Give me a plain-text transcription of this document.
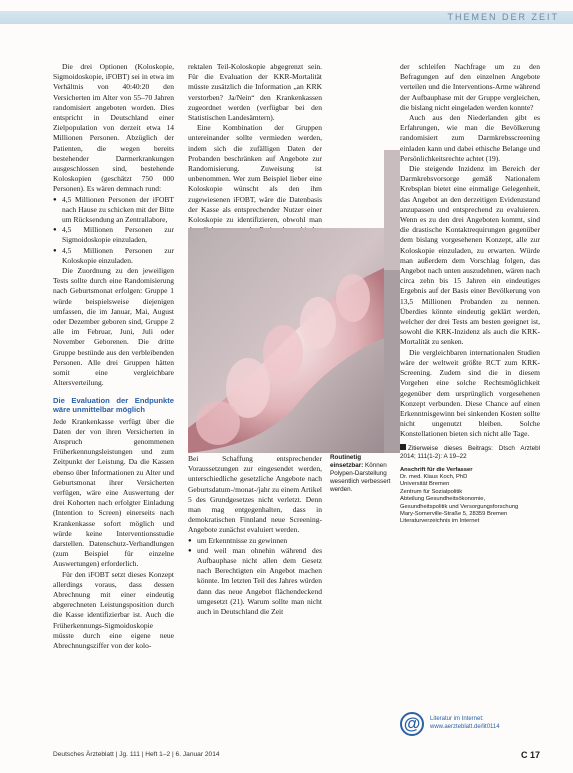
THEMEN DER ZEIT

Die drei Optionen (Koloskopie, Sigmoidoskopie, iFOBT) sei in etwa im Verhältnis von 40:40:20 den Versicherten im Alter von 55–70 Jahren randomisiert angeboten worden. Dies entspricht in Deutschland einer Zielpopulation von derzeit etwa 14 Millionen Personen. Abzüglich der Patienten, die wegen bereits bestehender Darmerkrankungen ausgeschlossen sind, bestehende Koloskopien (geschätzt 750 000 Personen). Es wären demnach rund:

● 4,5 Millionen Personen der iFOBT nach Hause zu schicken mit der Bitte um Rücksendung an Zentrallabore,
● 4,5 Millionen Personen zur Sigmoidoskopie einzuladen,
● 4,5 Millionen Personen zur Koloskopie einzuladen.

Die Zuordnung zu den jeweiligen Tests sollte durch eine Randomisierung nach Geburtsmonat erfolgen: Gruppe 1 würde beispielsweise diejenigen umfassen, die im Januar, Mai, August oder Dezember geboren sind, Gruppe 2 alle im Februar, Juni, Juli oder November Geborenen. Die dritte Gruppe bestünde aus den verbleibenden Personen. Alle drei Gruppen hätten somit eine vergleichbare Altersverteilung.

Die Evaluation der Endpunkte wäre unmittelbar möglich

Jede Krankenkasse verfügt über die Daten der von ihren Versicherten in Anspruch genommenen Früherkennungsleistungen und zum Zeitpunkt der Leistung. Da die Kassen ebenso über Informationen zu Alter und Geburtsmonat ihrer Versicherten verfügen, wäre eine Auswertung der drei Kohorten nach erfolgter Einladung (Intention to Screen) einerseits nach Krankenkasse sofort möglich und würde keine Interventionsstudie darstellen. Datenschutz-Verhandlungen (zum Beispiel für einzelne Auswertungen) erforderlich.

Für den iFOBT setzt dieses Konzept allerdings voraus, dass dessen Abrechnung mit einer eindeutig abgerechneten Leistungsposition durch die Kasse identifizierbar ist. Auch die Früherkennungs-Sigmoidoskopie müsste durch eine eigene neue Abrechnungsziffer von der kolo-

rektalen Teil-Koloskopie abgegrenzt sein. Für die Evaluation der KKR-Mortalität müsste zusätzlich die Information „an KRK verstorben? Ja/Nein“ den Krankenkassen zugeordnet werden (verfügbar bei den Statistischen Landesämtern).

Eine Kombination der Gruppen untereinander sollte vermieden werden, indem sich die zufälligen Daten der Probanden beschränken auf Angebote zur Randomisierung. Zuweisung ist unbenommen. Wer zum Beispiel lieber eine Koloskopie wünscht als den ihm zugewiesenen iFOBT, wäre die Datenbasis der Kasse als entsprechender Nutzer einer Koloskopie zu identifizieren, obwohl man

Routinetig einsetzbar: Können Polypen-Darstellung wesentlich verbessert werden.

Bei Schaffung entsprechender Voraussetzungen zur eingesendet werden, unterschiedliche gesetzliche Angebote nach Geburtsdatum-/monat-/jahr zu einem Artikel 5 des Grundgesetzes nicht verletzt. Denn man mag entgegenhalten, dass in demokratischen Finnland neue Screening-Angebote zunächst evaluiert werden.

● um Erkenntnisse zu gewinnen
● und weil man ohnehin während des Aufbauphase nicht allen dem Gesetz nach Berechtigten ein Angebot machen könnte. Im letzten Teil des Jahres würden dann das neue Angebot flächendeckend umgesetzt (21). Warum sollte man nicht auch in Deutschland die Zeit

der schleifen Nachfrage um zu den Befragungen auf den einzelnen Angebote verteilen und die Interventions-Arme während der Aufbauphase mit der Gruppe vergleichen, die bislang nicht eingeladen werden konnte?

Auch aus den Niederlanden gibt es Erfahrungen, wie man die Bevölkerung randomisiert zum Darmkrebsscreening einladen kann und dabei ethische Belange und Persönlichkeitsrechte achtet (19).

Die steigende Inzidenz im Bereich der Darmkrebsvorsorge gemäß Nationalem Krebsplan bietet eine einmalige Gelegenheit, das Angebot an den derzeitigen Evidenzstand anzupassen und entsprechend zu evaluieren. Wenn es zu den drei Angeboten kommt, sind die drastische Kontaktrequirungen gegenüber dem bislang vorgesehenen Konzept, alle zur Koloskopie einzuladen, zu erwarten. Würde man außerdem dem Vorschlag folgen, das Angebot nach unten auszudehnen, wären nach circa zehn bis 15 Jahren ein eindeutiges Ergebnis auf der Basis einer Bevölkerung von 13,5 Millionen Probanden zu nennen. Überdies könnte eindeutig geklärt werden, welcher der drei Tests am besten geeignet ist, sowohl die KRK-Inzidenz als auch die KRK-Mortalität zu senken.

Die vergleichbaren internationalen Studien wäre der weltweit größte RCT zum KRK-Screening. Zudem sind die in diesem Vorgehen eine solche Rechtsmöglichkeit gegenüber dem ursprünglich vorgesehenen Konzept verbunden. Diese Chance auf einen Erkenntnisgewinn bei sinkenden Kosten sollte nicht ungenutzt bleiben. Solche Konstellationen bieten sich nicht alle Tage.

Zitierweise dieses Beitrags: Dtsch Arztebl 2014; 111(1-2): A 19–22
Anschrift für die Verfasser
Dr. med. Klaus Koch, PhD
Universität Bremen
Zentrum für Sozialpolitik
Abteilung Gesundheitsökonomie,
Gesundheitspolitik und Versorgungsforschung
Mary-Somerville-Straße 5, 28359 Bremen
Literaturverzeichnis im Internet
@	Literatur im Internet:
www.aerzteblatt.de/lit0114
Deutsches Ärzteblatt | Jg. 111 | Heft 1–2 | 6. Januar 2014	C 17
